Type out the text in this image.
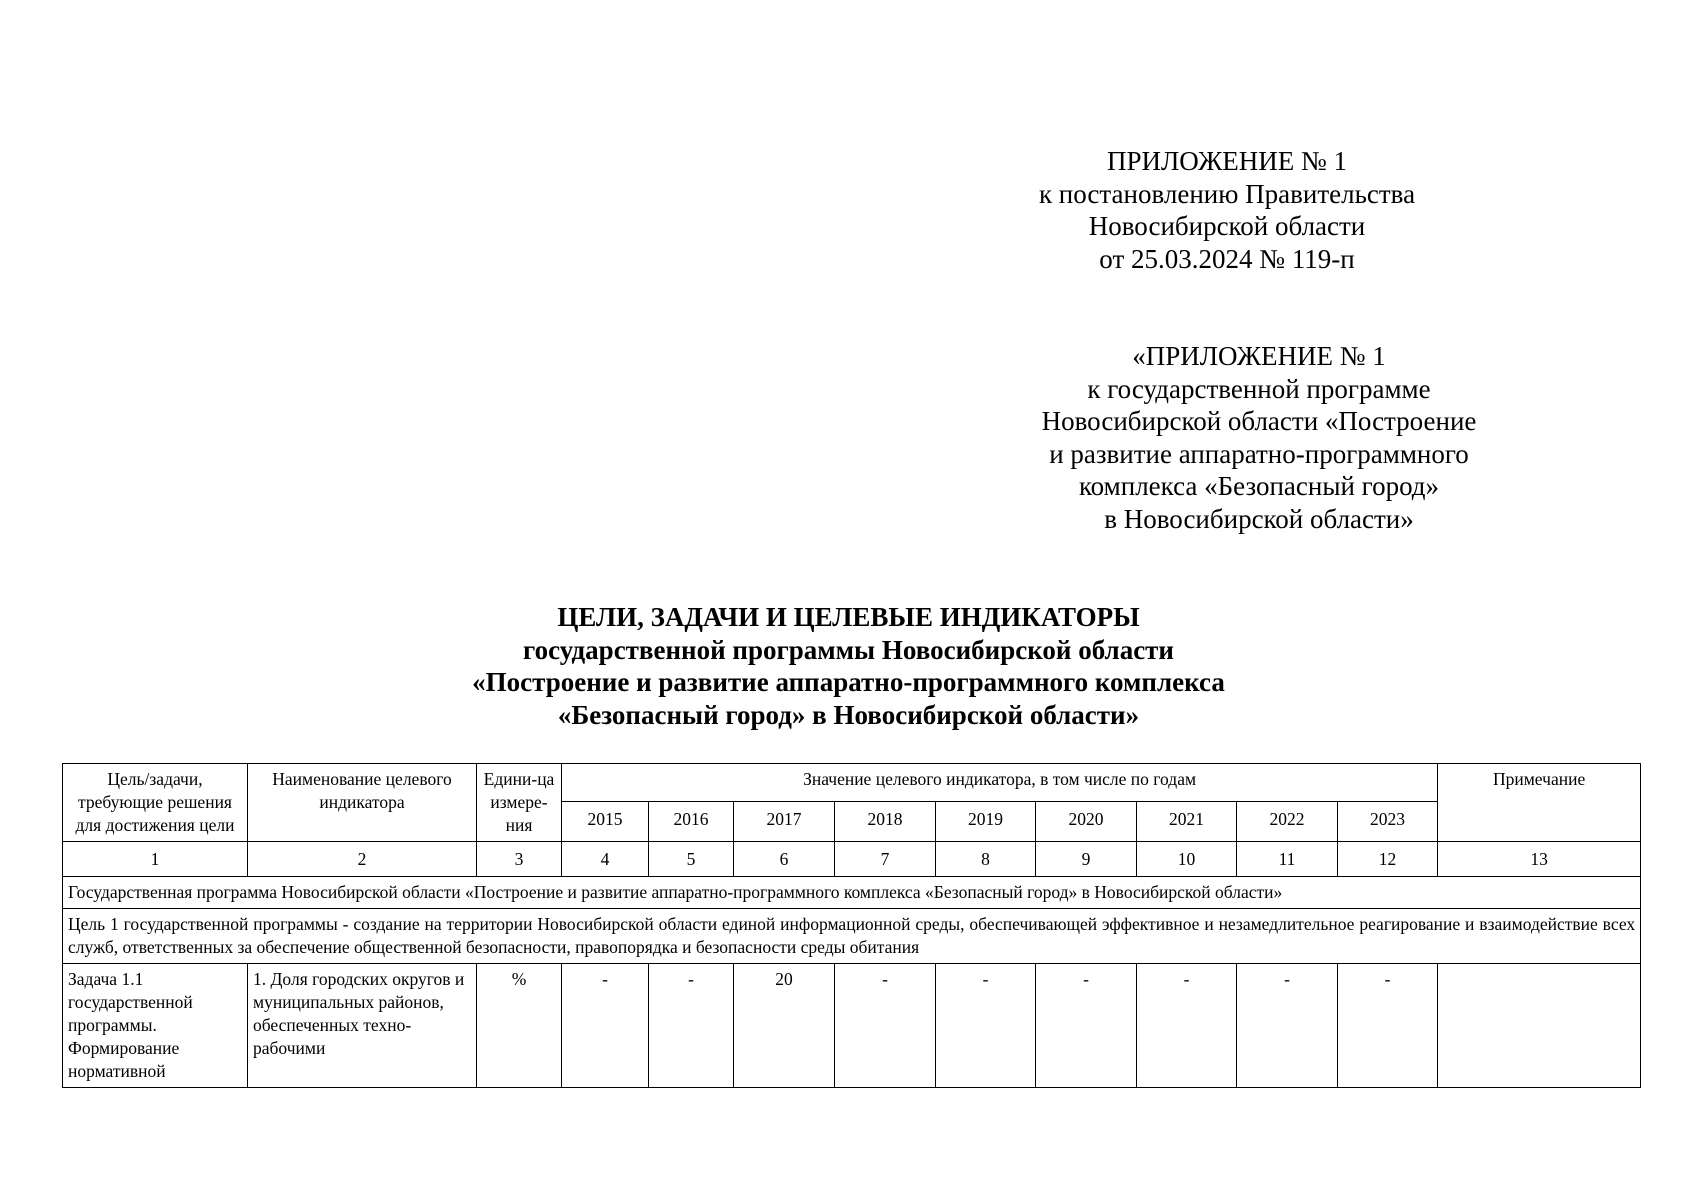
ПРИЛОЖЕНИЕ № 1
к постановлению Правительства
Новосибирской области
от 25.03.2024 № 119-п
«ПРИЛОЖЕНИЕ № 1
к государственной программе
Новосибирской области «Построение
и развитие аппаратно-программного
комплекса «Безопасный город»
в Новосибирской области»
ЦЕЛИ, ЗАДАЧИ И ЦЕЛЕВЫЕ ИНДИКАТОРЫ
государственной программы Новосибирской области
«Построение и развитие аппаратно-программного комплекса
«Безопасный город» в Новосибирской области»
Цель/задачи, требующие решения для достижения цели	Наименование целевого индикатора	Едини-ца измере-ния	Значение целевого индикатора, в том числе по годам									Примечание
			2015	2016	2017	2018	2019	2020	2021	2022	2023	
1	2	3	4	5	6	7	8	9	10	11	12	13
Государственная программа Новосибирской области «Построение и развитие аппаратно-программного комплекса «Безопасный город» в Новосибирской области»												
Цель 1 государственной программы - создание на территории Новосибирской области единой информационной среды, обеспечивающей эффективное и незамедлительное реагирование и взаимодействие всех служб, ответственных за обеспечение общественной безопасности, правопорядка и безопасности среды обитания												
Задача 1.1 государственной программы. Формирование нормативной	1. Доля городских округов и муниципальных районов, обеспеченных техно-рабочими	%	-	-	20	-	-	-	-	-	-	
